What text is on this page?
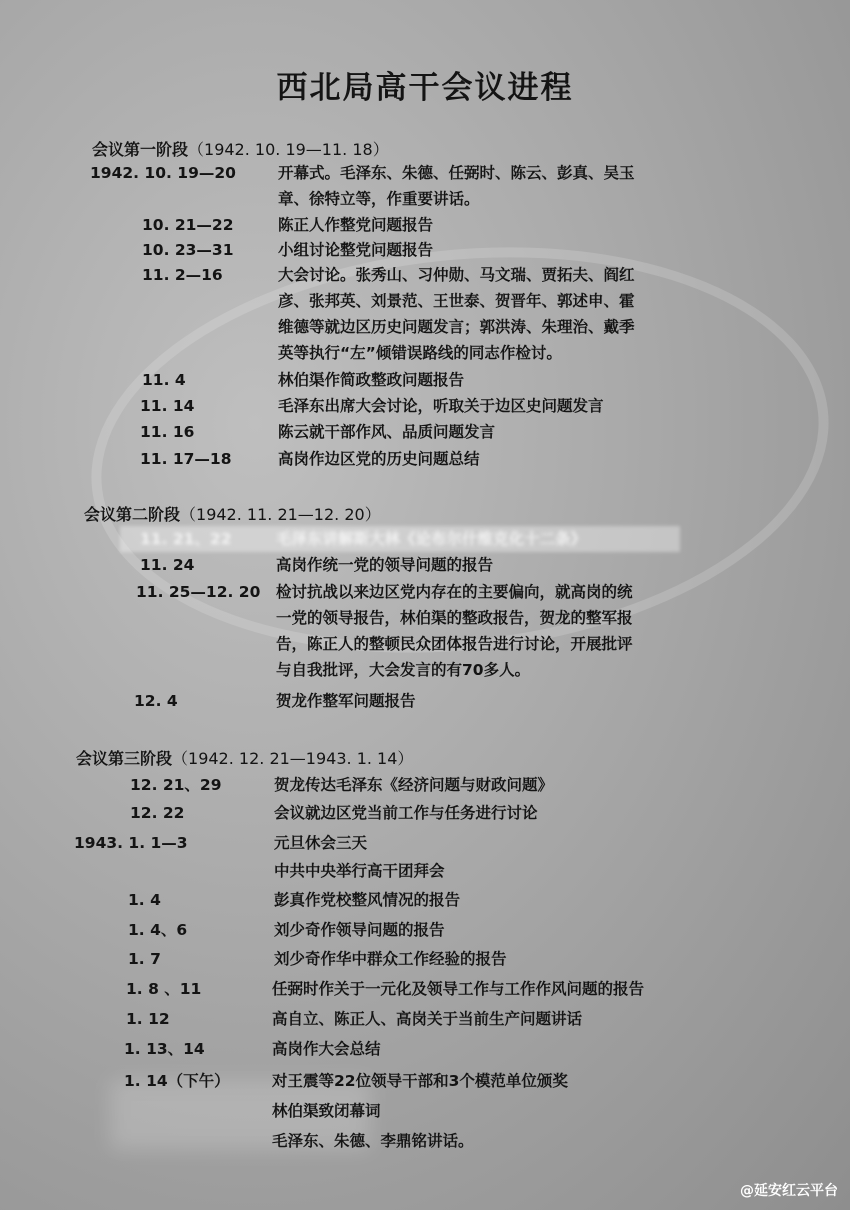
西北局高干会议进程
会议第一阶段（1942. 10. 19—11. 18）
1942. 10. 19—20	开幕式。毛泽东、朱德、任弼时、陈云、彭真、吴玉
章、徐特立等，作重要讲话。
10. 21—22	陈正人作整党问题报告
10. 23—31	小组讨论整党问题报告
11. 2—16	大会讨论。张秀山、习仲勋、马文瑞、贾拓夫、阎红
彦、张邦英、刘景范、王世泰、贺晋年、郭述申、霍
维德等就边区历史问题发言；郭洪涛、朱理治、戴季
英等执行“左”倾错误路线的同志作检讨。
11. 4	林伯渠作简政整政问题报告
11. 14	毛泽东出席大会讨论，听取关于边区史问题发言
11. 16	陈云就干部作风、品质问题发言
11. 17—18	高岗作边区党的历史问题总结
会议第二阶段（1942. 11. 21—12. 20）
11. 21、22	毛泽东讲解斯大林《论布尔什维克化十二条》
11. 24	高岗作统一党的领导问题的报告
11. 25—12. 20 检讨抗战以来边区党内存在的主要偏向，就高岗的统
一党的领导报告，林伯渠的整政报告，贺龙的整军报
告，陈正人的整顿民众团体报告进行讨论，开展批评
与自我批评，大会发言的有70多人。
12. 4	贺龙作整军问题报告
会议第三阶段（1942. 12. 21—1943. 1. 14）
12. 21、29	贺龙传达毛泽东《经济问题与财政问题》
12. 22	会议就边区党当前工作与任务进行讨论
1943. 1. 1—3	元旦休会三天
中共中央举行高干团拜会
1. 4	彭真作党校整风情况的报告
1. 4、6	刘少奇作领导问题的报告
1. 7	刘少奇作华中群众工作经验的报告
1. 8 、11	任弼时作关于一元化及领导工作与工作作风问题的报告
1. 12	高自立、陈正人、高岗关于当前生产问题讲话
1. 13、14	高岗作大会总结
1. 14（下午）	对王震等22位领导干部和3个模范单位颁奖
林伯渠致闭幕词
毛泽东、朱德、李鼎铭讲话。
@延安红云平台
